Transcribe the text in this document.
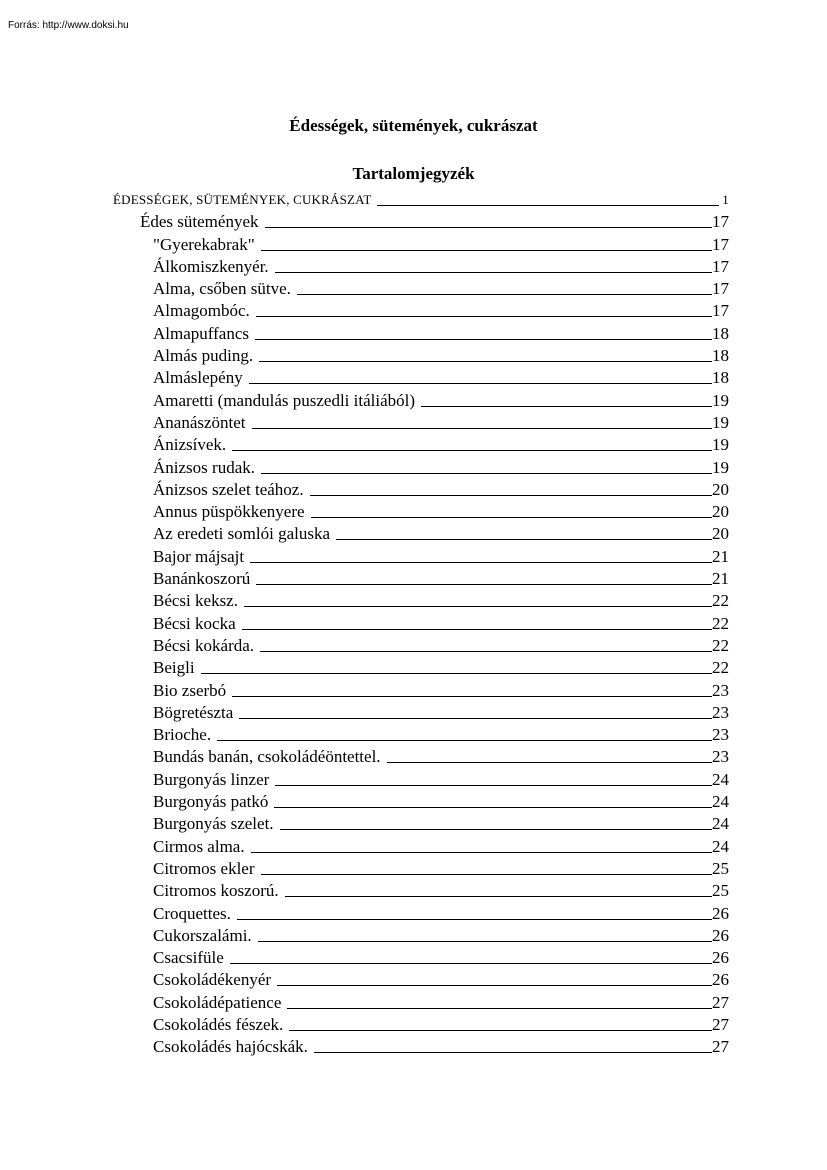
Forrás: http://www.doksi.hu
Édességek, sütemények, cukrászat
Tartalomjegyzék
ÉDESSÉGEK, SÜTEMÉNYEK, CUKRÁSZAT	1
Édes sütemények	17
"Gyerekabrak"	17
Álkomiszkenyér.	17
Alma, csőben sütve.	17
Almagombóc.	17
Almapuffancs	18
Almás puding.	18
Almáslepény	18
Amaretti (mandulás puszedli itáliából)	19
Ananászöntet	19
Ánizsívek.	19
Ánizsos rudak.	19
Ánizsos szelet teához.	20
Annus püspökkenyere	20
Az eredeti somlói galuska	20
Bajor májsajt	21
Banánkoszorú	21
Bécsi keksz.	22
Bécsi kocka	22
Bécsi kokárda.	22
Beigli	22
Bio zserbó	23
Bögretészta	23
Brioche.	23
Bundás banán, csokoládéöntettel.	23
Burgonyás linzer	24
Burgonyás patkó	24
Burgonyás szelet.	24
Cirmos alma.	24
Citromos ekler	25
Citromos koszorú.	25
Croquettes.	26
Cukorszalámi.	26
Csacsifüle	26
Csokoládékenyér	26
Csokoládépatience	27
Csokoládés fészek.	27
Csokoládés hajócskák.	27
